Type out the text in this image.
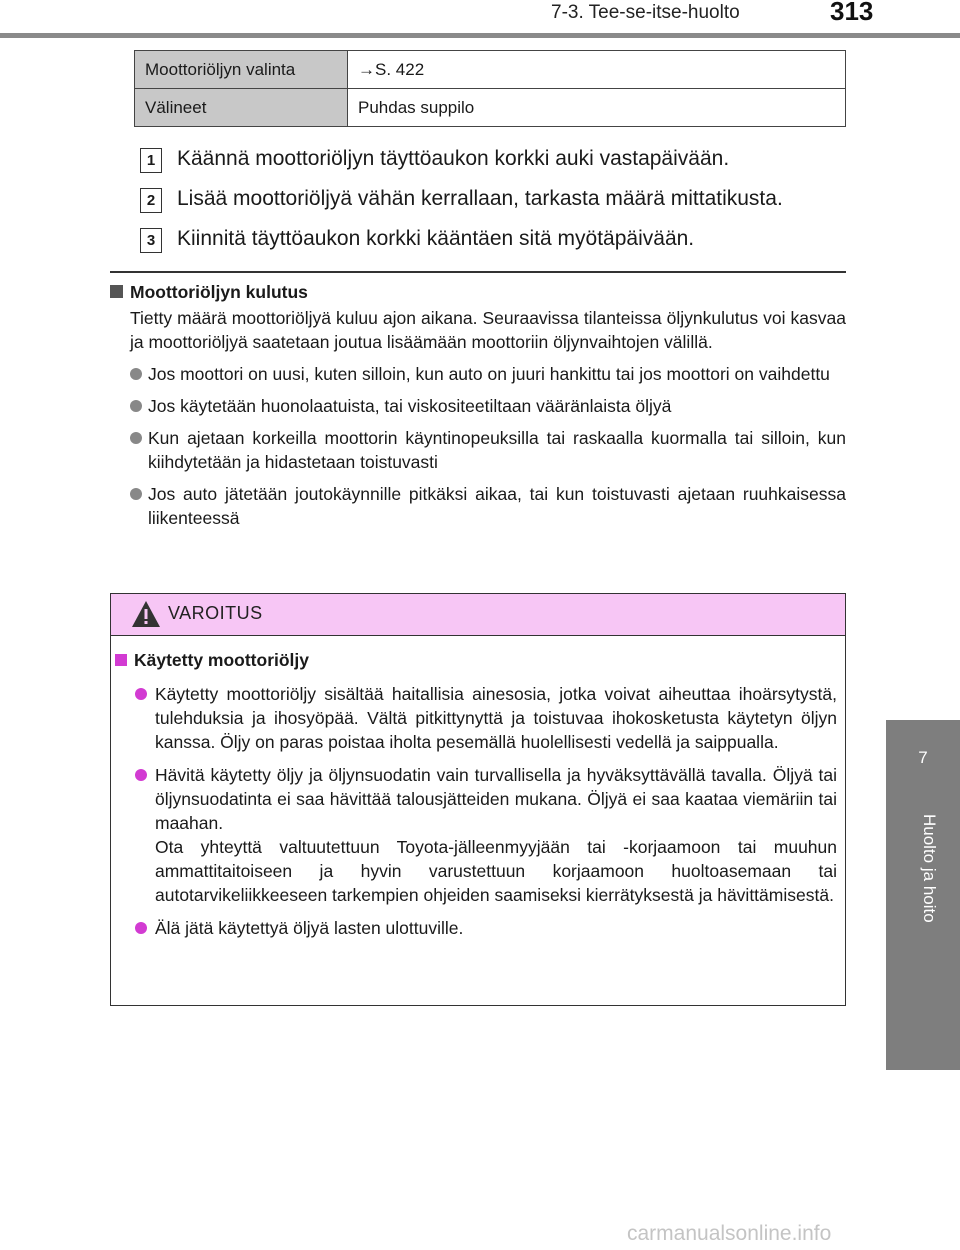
7-3. Tee-se-itse-huolto	313
7
Huolto ja hoito
Moottoriöljyn valinta	→S. 422
Välineet	Puhdas suppilo
1	Käännä moottoriöljyn täyttöaukon korkki auki vastapäivään.
2	Lisää moottoriöljyä vähän kerrallaan, tarkasta määrä mittatikusta.
3	Kiinnitä täyttöaukon korkki kääntäen sitä myötäpäivään.
Moottoriöljyn kulutus
Tietty määrä moottoriöljyä kuluu ajon aikana. Seuraavissa tilanteissa öljynkulutus voi kasvaa ja moottoriöljyä saatetaan joutua lisäämään moottoriin öljynvaihtojen välillä.
Jos moottori on uusi, kuten silloin, kun auto on juuri hankittu tai jos moottori on vaihdettu
Jos käytetään huonolaatuista, tai viskositeetiltaan vääränlaista öljyä
Kun ajetaan korkeilla moottorin käyntinopeuksilla tai raskaalla kuormalla tai silloin, kun kiihdytetään ja hidastetaan toistuvasti
Jos auto jätetään joutokäynnille pitkäksi aikaa, tai kun toistuvasti ajetaan ruuhkaisessa liikenteessä
VAROITUS
Käytetty moottoriöljy
Käytetty moottoriöljy sisältää haitallisia ainesosia, jotka voivat aiheuttaa ihoärsytystä, tulehduksia ja ihosyöpää. Vältä pitkittynyttä ja toistuvaa ihokosketusta käytetyn öljyn kanssa. Öljy on paras poistaa iholta pesemällä huolellisesti vedellä ja saippualla.
Hävitä käytetty öljy ja öljynsuodatin vain turvallisella ja hyväksyttävällä tavalla. Öljyä tai öljynsuodatinta ei saa hävittää talousjätteiden mukana. Öljyä ei saa kaataa viemäriin tai maahan.
Ota yhteyttä valtuutettuun Toyota-jälleenmyyjään tai -korjaamoon tai muuhun ammattitaitoiseen ja hyvin varustettuun korjaamoon huoltoasemaan tai autotarvikeliikkeeseen tarkempien ohjeiden saamiseksi kierrätyksestä ja hävittämisestä.
Älä jätä käytettyä öljyä lasten ulottuville.
carmanualsonline.info
